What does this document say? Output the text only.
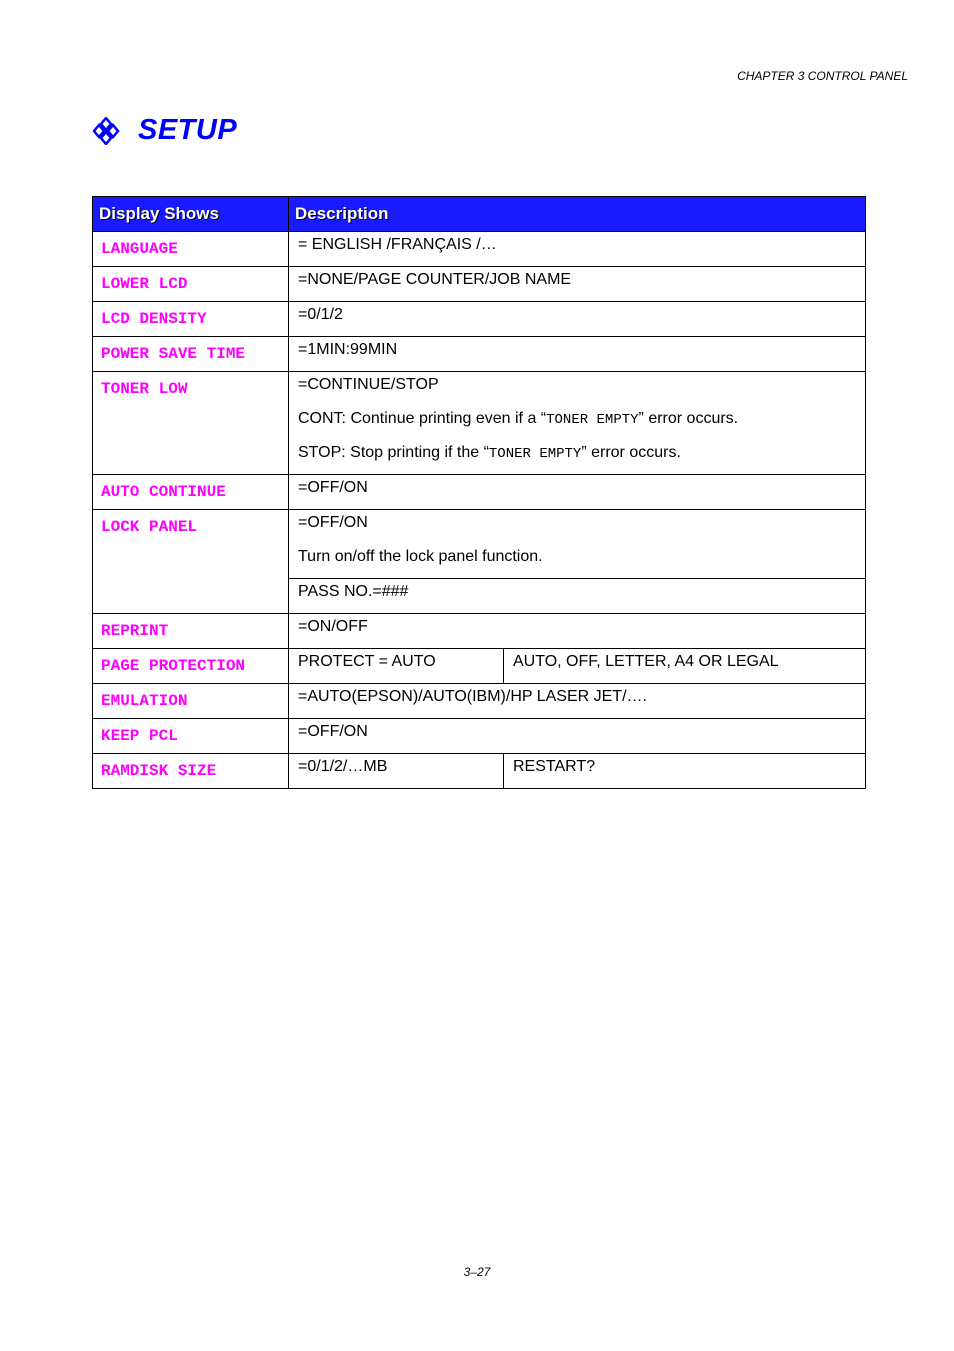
CHAPTER 3 CONTROL PANEL
SETUP
Display Shows	Description	
LANGUAGE	= ENGLISH /FRANÇAIS /…	

LOWER LCD	=NONE/PAGE COUNTER/JOB NAME	

LCD DENSITY	=0/1/2	

POWER SAVE TIME	=1MIN:99MIN	

TONER LOW	=CONTINUE/STOP
CONT: Continue printing even if a “TONER EMPTY” error occurs.
STOP: Stop printing if the “TONER EMPTY” error occurs.	

AUTO CONTINUE	=OFF/ON	

LOCK PANEL	=OFF/ON
Turn on/off the lock panel function.	

	PASS NO.=###	

REPRINT	=ON/OFF	

PAGE PROTECTION	PROTECT = AUTO	AUTO, OFF, LETTER, A4 OR LEGAL

EMULATION	=AUTO(EPSON)/AUTO(IBM)/HP LASER JET/….	

KEEP PCL	=OFF/ON	

RAMDISK SIZE	=0/1/2/…MB	RESTART?
3–27
